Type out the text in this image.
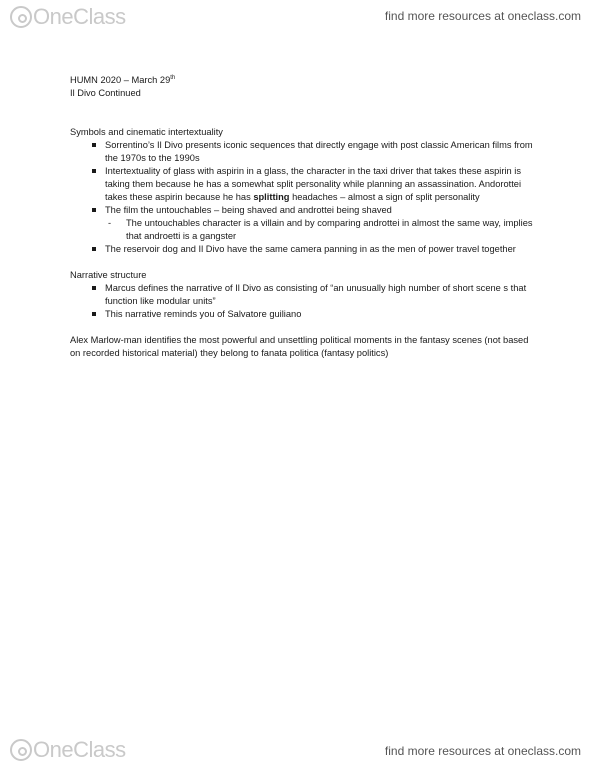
OneClass	find more resources at oneclass.com

HUMN 2020 – March 29th

Il Divo Continued

Symbols and cinematic intertextuality

Sorrentino’s Il Divo presents iconic sequences that directly engage with post classic American films from the 1970s to the 1990s
Intertextuality of glass with aspirin in a glass, the character in the taxi driver that takes these aspirin is taking them because he has a somewhat split personality while planning an assassination. Andorottei takes these aspirin because he has splitting headaches – almost a sign of split personality
The film the untouchables – being shaved and androttei being shaved
- The untouchables character is a villain and by comparing androttei in almost the same way, implies that androetti is a gangster
The reservoir dog and Il Divo have the same camera panning in as the men of power travel together

Narrative structure

Marcus defines the narrative of Il Divo as consisting of “an unusually high number of short scene s that function like modular units”
This narrative reminds you of Salvatore guiliano

Alex Marlow-man identifies the most powerful and unsettling political moments in the fantasy scenes (not based on recorded historical material) they belong to fanata politica (fantasy politics)

OneClass	find more resources at oneclass.com
